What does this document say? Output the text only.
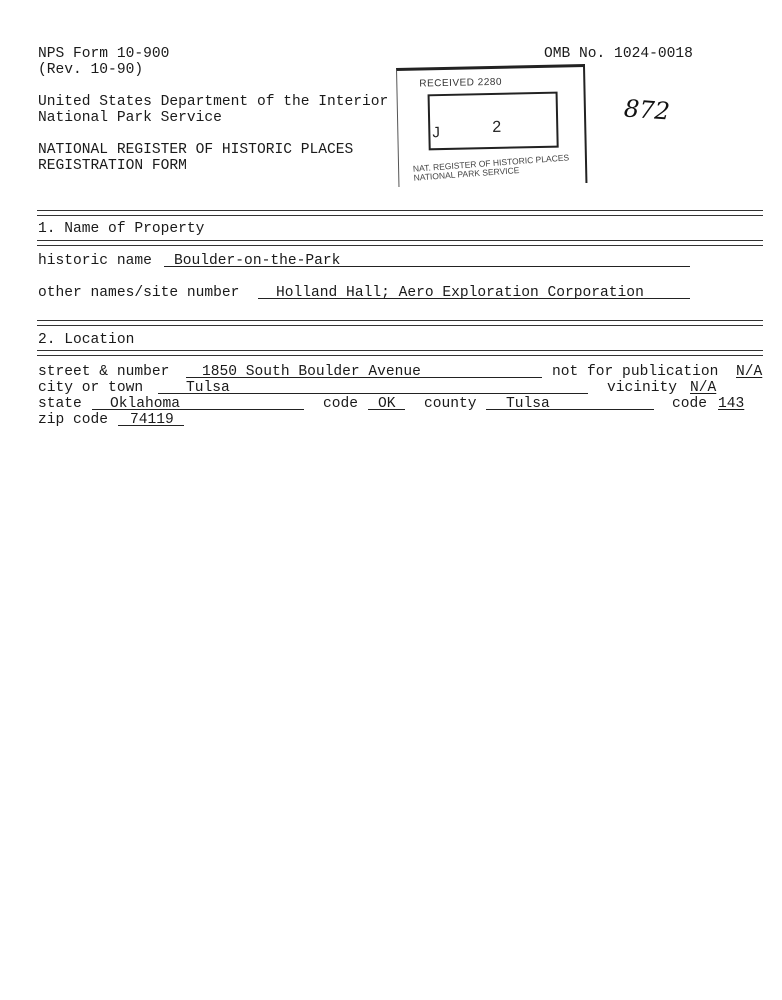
NPS Form 10-900
(Rev. 10-90)
OMB No. 1024-0018
United States Department of the Interior
National Park Service
NATIONAL REGISTER OF HISTORIC PLACES
REGISTRATION FORM
RECEIVED 2280
J	2
NAT. REGISTER OF HISTORIC PLACES
NATIONAL PARK SERVICE
872
1. Name of Property
historic name Boulder-on-the-Park
other names/site number	Holland Hall; Aero Exploration Corporation
2. Location
street & number 1850 South Boulder Avenue	not for publication N/A
city or town	Tulsa	vicinity N/A
state Oklahoma	code OK county Tulsa	code 143
zip code 74119
